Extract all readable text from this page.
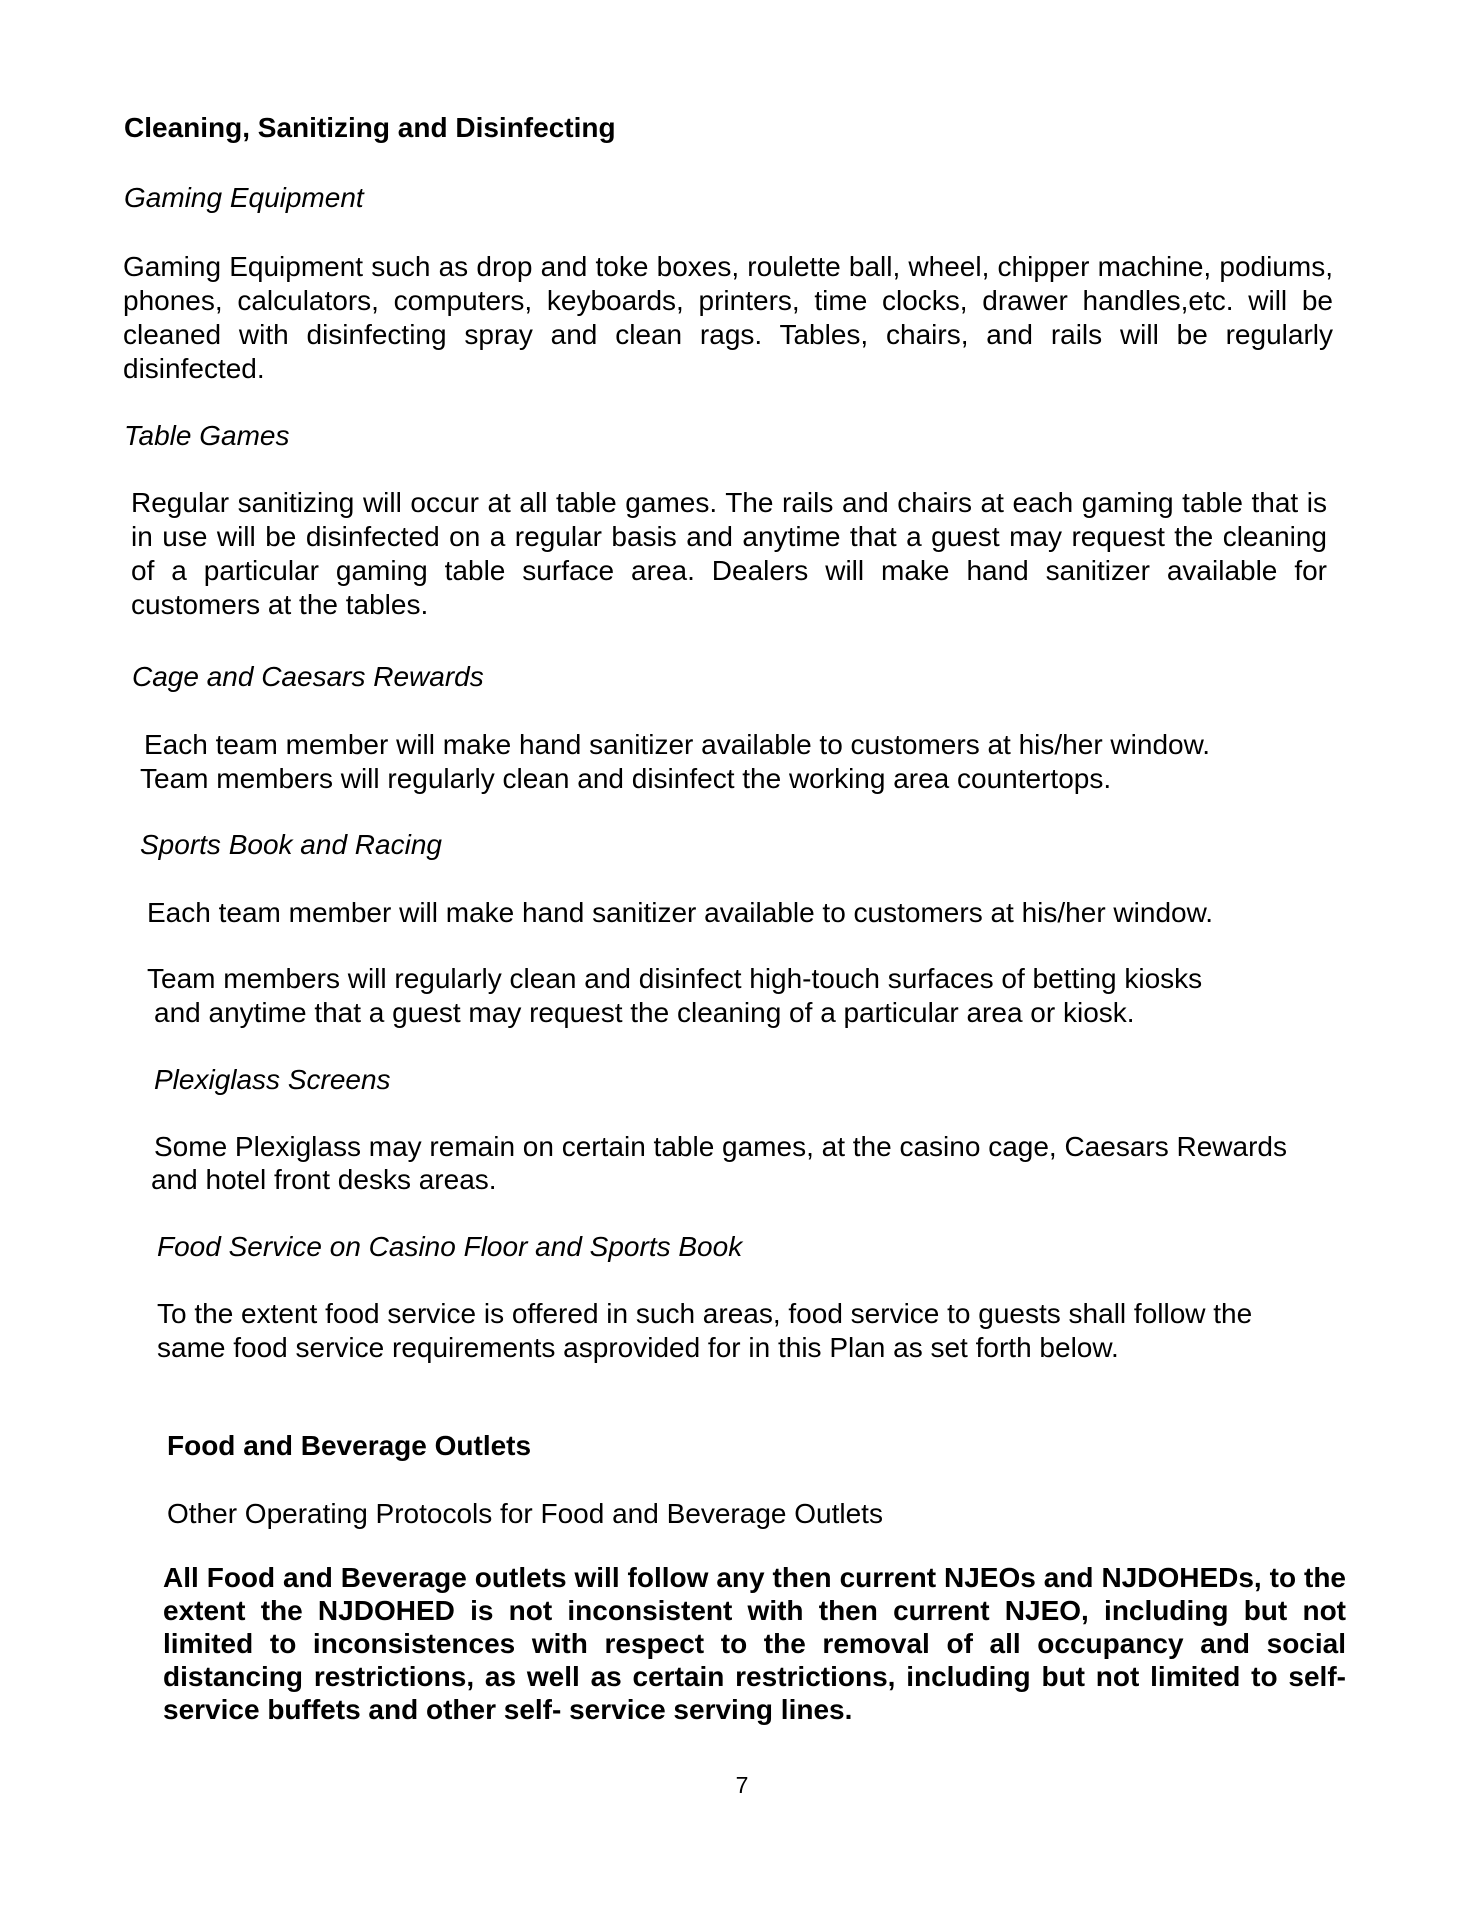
Cleaning, Sanitizing and Disinfecting
Gaming Equipment
Gaming Equipment such as drop and toke boxes, roulette ball, wheel, chipper machine, podiums, phones, calculators, computers, keyboards, printers, time clocks, drawer handles,etc. will be cleaned with disinfecting spray and clean rags. Tables, chairs, and rails will be regularly disinfected.
Table Games
Regular sanitizing will occur at all table games. The rails and chairs at each gaming table that is in use will be disinfected on a regular basis and anytime that a guest may request the cleaning of a particular gaming table surface area. Dealers will make hand sanitizer available for customers at the tables.
Cage and Caesars Rewards
Each team member will make hand sanitizer available to customers at his/her window.
Team members will regularly clean and disinfect the working area countertops.
Sports Book and Racing
Each team member will make hand sanitizer available to customers at his/her window.
Team members will regularly clean and disinfect high-touch surfaces of betting kiosks
and anytime that a guest may request the cleaning of a particular area or kiosk.
Plexiglass Screens
Some Plexiglass may remain on certain table games, at the casino cage, Caesars Rewards
and hotel front desks areas.
Food Service on Casino Floor and Sports Book
To the extent food service is offered in such areas, food service to guests shall follow the
same food service requirements asprovided for in this Plan as set forth below.
Food and Beverage Outlets
Other Operating Protocols for Food and Beverage Outlets
All Food and Beverage outlets will follow any then current NJEOs and NJDOHEDs, to the extent the NJDOHED is not inconsistent with then current NJEO, including but not limited to inconsistences with respect to the removal of all occupancy and social distancing restrictions, as well as certain restrictions, including but not limited to self-service buffets and other self- service serving lines.
7
